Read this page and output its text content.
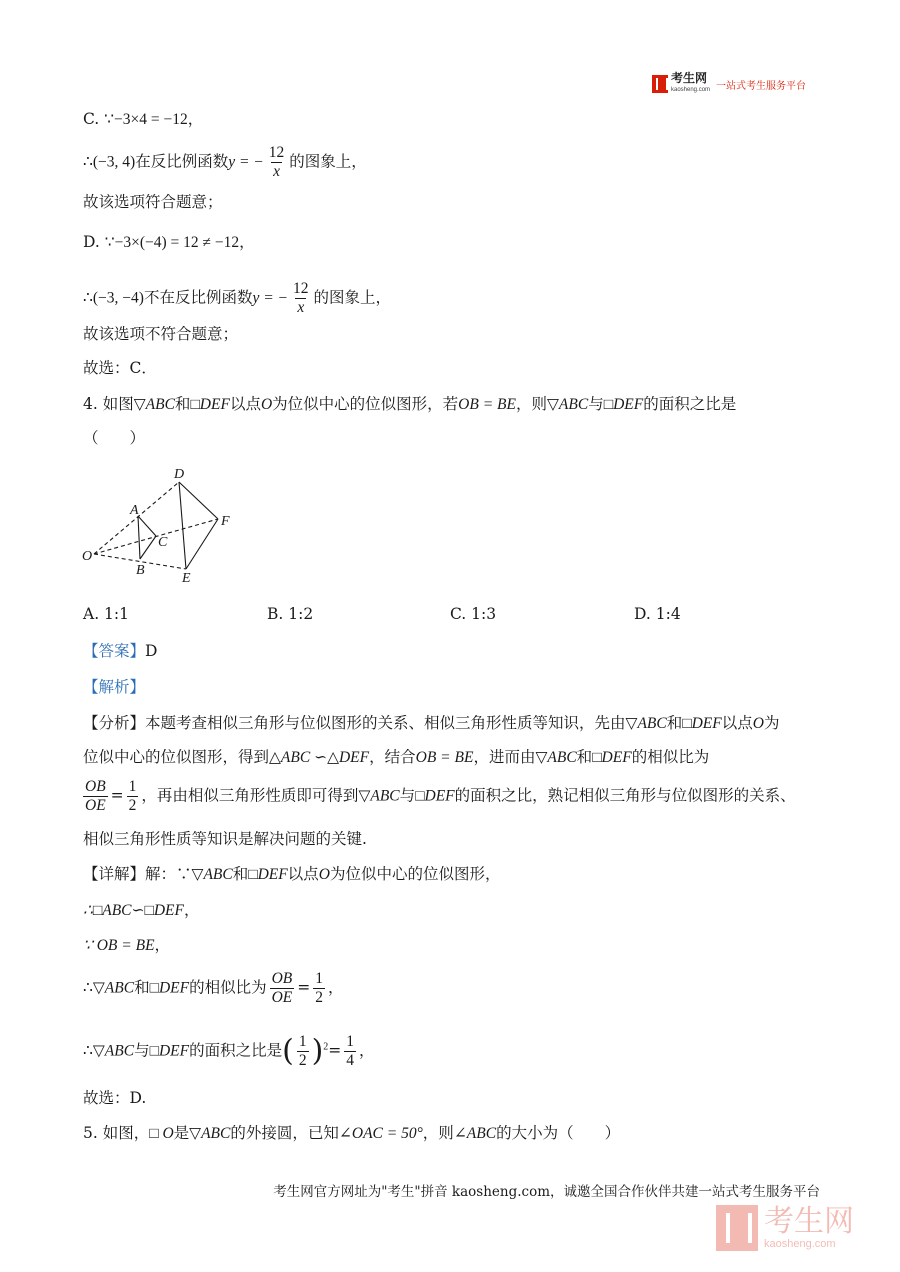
考生网
kaosheng.com 一站式考生服务平台
C. ∵−3×4 = −12，
∴(−3, 4)在反比例函数y = − $\frac{12}{x}$ 的图象上，
故该选项符合题意；
D. ∵−3×(−4) = 12 ≠ −12，
∴(−3, −4)不在反比例函数y = − $\frac{12}{x}$ 的图象上，
故该选项不符合题意；
故选：C．
4. 如图▽ABC和□DEF以点O为位似中心的位似图形，若OB = BE，则▽ABC与□DEF的面积之比是
（　　）
D
A
F
C
O
B
E
A. 1:1	B. 1:2	C. 1:3	D. 1:4
【答案】D
【解析】
【分析】本题考查相似三角形与位似图形的关系、相似三角形性质等知识，先由▽ABC和□DEF以点O为
位似中心的位似图形，得到△ABC ∽△DEF，结合OB = BE，进而由▽ABC和□DEF的相似比为
$\frac{OB}{OE} = \frac{1}{2}$ ，再由相似三角形性质即可得到▽ABC与□DEF的面积之比，熟记相似三角形与位似图形的关系、
相似三角形性质等知识是解决问题的关键.
【详解】解：∵▽ABC和□DEF以点O为位似中心的位似图形，
∴□ABC∽□DEF，
∵ OB = BE，
∴▽ABC和□DEF的相似比为 $\frac{OB}{OE} = \frac{1}{2}$ ，
∴▽ABC与□DEF的面积之比是( $\frac{1}{2} )^2= \frac{1}{4}$ ，
故选：D.
5. 如图，□ O是▽ABC的外接圆，已知∠OAC = 50°，则∠ABC的大小为（　　）
考生网官方网址为"考生"拼音 kaosheng.com，诚邀全国合作伙伴共建一站式考生服务平台
考生网
kaosheng.com
